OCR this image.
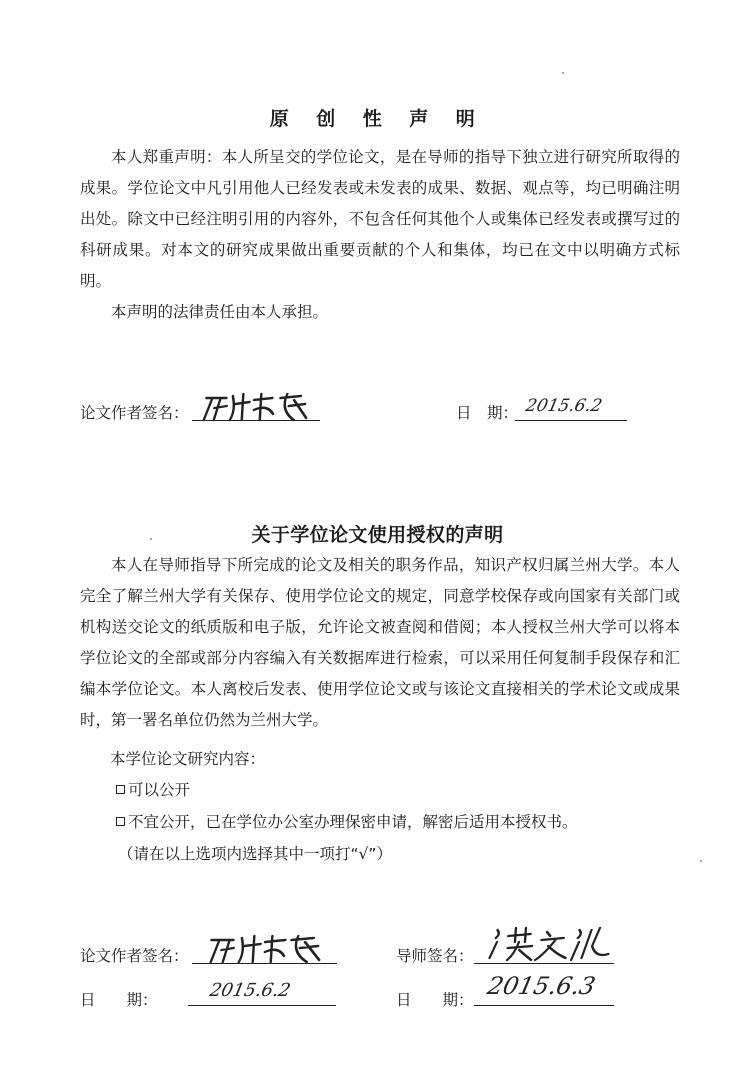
原 创 性 声 明

本人郑重声明：本人所呈交的学位论文，是在导师的指导下独立进行研究所取得的成果。学位论文中凡引用他人已经发表或未发表的成果、数据、观点等，均已明确注明出处。除文中已经注明引用的内容外，不包含任何其他个人或集体已经发表或撰写过的科研成果。对本文的研究成果做出重要贡献的个人和集体，均已在文中以明确方式标明。

本声明的法律责任由本人承担。

论文作者签名：	日　期： 2015.6.2
关于学位论文使用授权的声明

本人在导师指导下所完成的论文及相关的职务作品，知识产权归属兰州大学。本人完全了解兰州大学有关保存、使用学位论文的规定，同意学校保存或向国家有关部门或机构送交论文的纸质版和电子版，允许论文被查阅和借阅；本人授权兰州大学可以将本学位论文的全部或部分内容编入有关数据库进行检索，可以采用任何复制手段保存和汇编本学位论文。本人离校后发表、使用学位论文或与该论文直接相关的学术论文或成果时，第一署名单位仍然为兰州大学。

本学位论文研究内容：
可以公开
不宜公开，已在学位办公室办理保密申请，解密后适用本授权书。
（请在以上选项内选择其中一项打“√”）
论文作者签名：	导师签名：
日　　期：	2015.6.2	日　　期： 2015.6.3
